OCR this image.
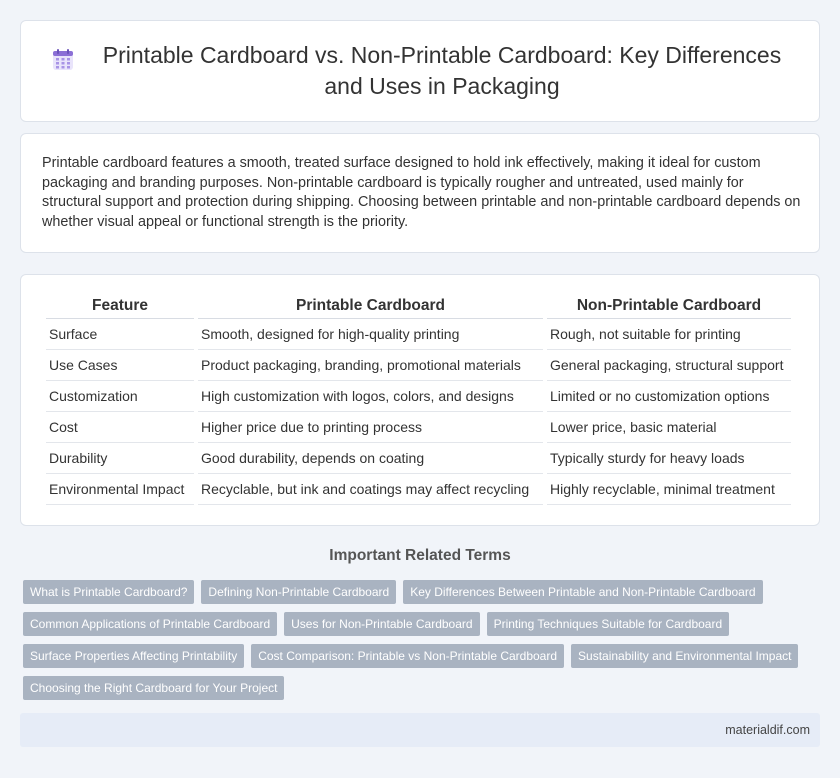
Printable Cardboard vs. Non-Printable Cardboard: Key Differences and Uses in Packaging

Printable cardboard features a smooth, treated surface designed to hold ink effectively, making it ideal for custom packaging and branding purposes. Non-printable cardboard is typically rougher and untreated, used mainly for structural support and protection during shipping. Choosing between printable and non-printable cardboard depends on whether visual appeal or functional strength is the priority.

Feature	Printable Cardboard	Non-Printable Cardboard
Surface	Smooth, designed for high-quality printing	Rough, not suitable for printing
Use Cases	Product packaging, branding, promotional materials	General packaging, structural support
Customization	High customization with logos, colors, and designs	Limited or no customization options
Cost	Higher price due to printing process	Lower price, basic material
Durability	Good durability, depends on coating	Typically sturdy for heavy loads
Environmental Impact	Recyclable, but ink and coatings may affect recycling	Highly recyclable, minimal treatment
Important Related Terms
What is Printable Cardboard?	Defining Non-Printable Cardboard	Key Differences Between Printable and Non-Printable Cardboard
Common Applications of Printable Cardboard	Uses for Non-Printable Cardboard	Printing Techniques Suitable for Cardboard
Surface Properties Affecting Printability	Cost Comparison: Printable vs Non-Printable Cardboard	Sustainability and Environmental Impact
Choosing the Right Cardboard for Your Project
materialdif.com
